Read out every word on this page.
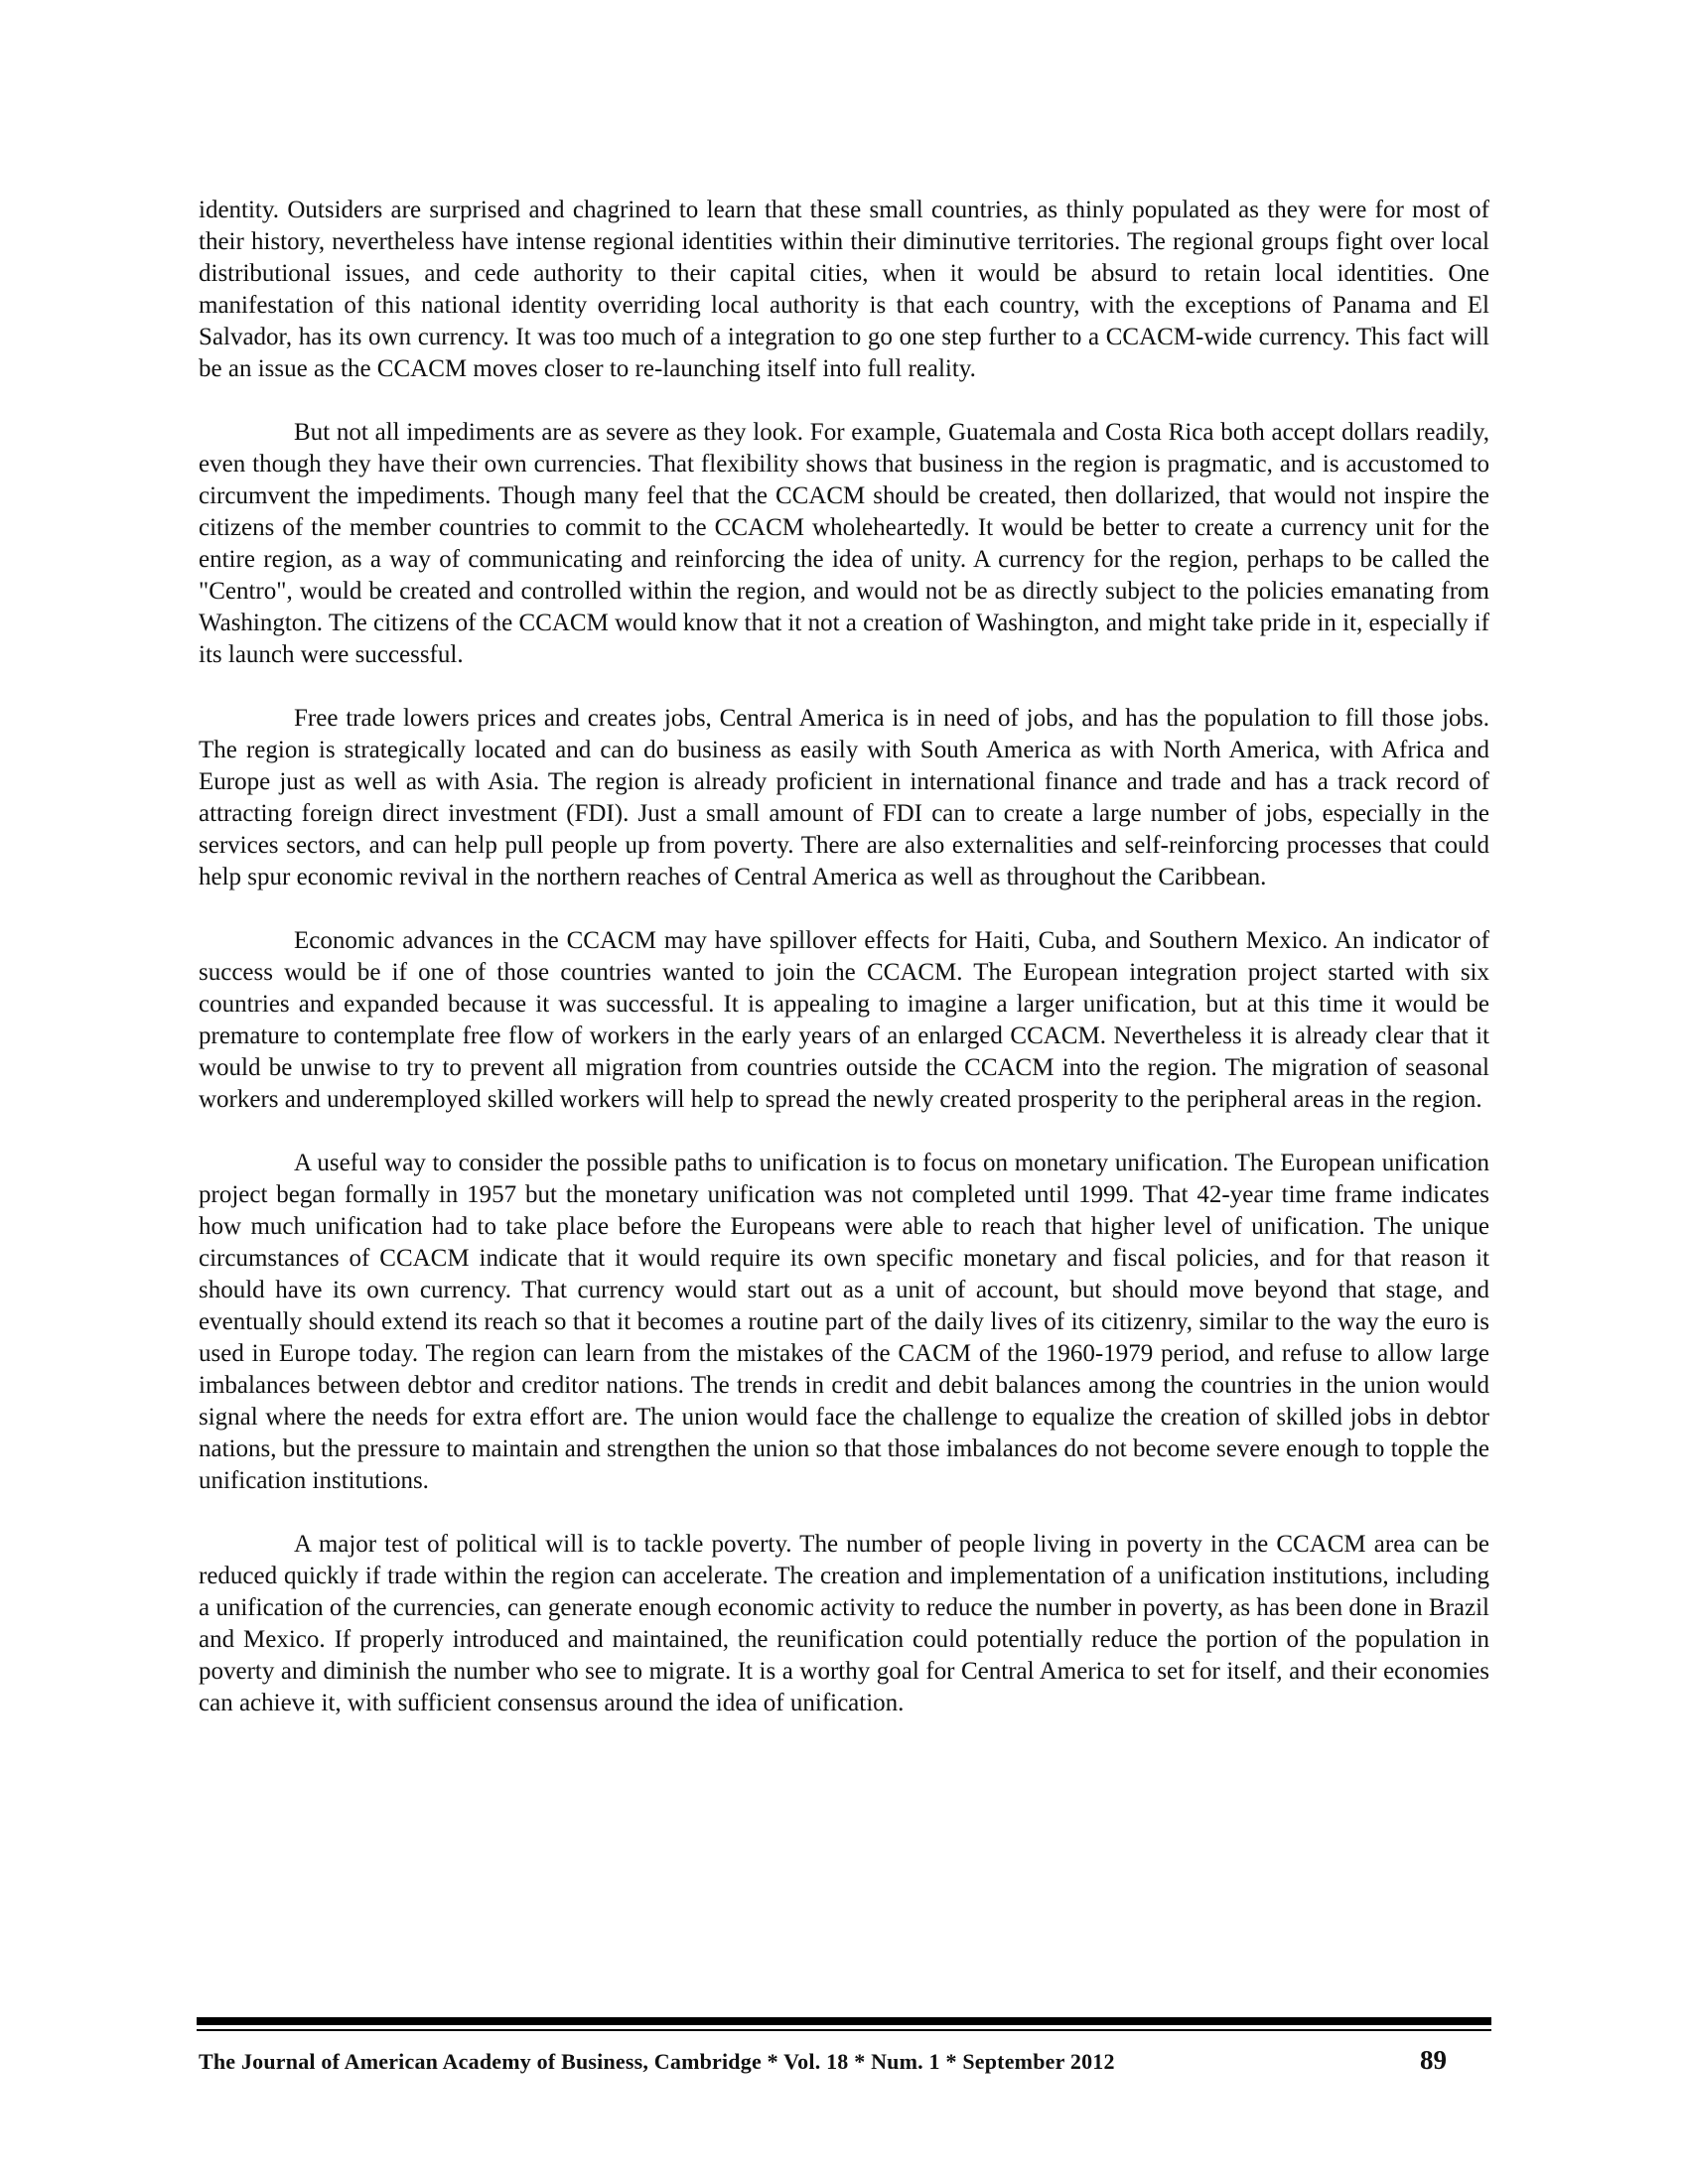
identity. Outsiders are surprised and chagrined to learn that these small countries, as thinly populated as they were for most of their history, nevertheless have intense regional identities within their diminutive territories. The regional groups fight over local distributional issues, and cede authority to their capital cities, when it would be absurd to retain local identities. One manifestation of this national identity overriding local authority is that each country, with the exceptions of Panama and El Salvador, has its own currency. It was too much of a integration to go one step further to a CCACM-wide currency. This fact will be an issue as the CCACM moves closer to re-launching itself into full reality.

But not all impediments are as severe as they look. For example, Guatemala and Costa Rica both accept dollars readily, even though they have their own currencies. That flexibility shows that business in the region is pragmatic, and is accustomed to circumvent the impediments. Though many feel that the CCACM should be created, then dollarized, that would not inspire the citizens of the member countries to commit to the CCACM wholeheartedly. It would be better to create a currency unit for the entire region, as a way of communicating and reinforcing the idea of unity. A currency for the region, perhaps to be called the "Centro", would be created and controlled within the region, and would not be as directly subject to the policies emanating from Washington. The citizens of the CCACM would know that it not a creation of Washington, and might take pride in it, especially if its launch were successful.

Free trade lowers prices and creates jobs, Central America is in need of jobs, and has the population to fill those jobs. The region is strategically located and can do business as easily with South America as with North America, with Africa and Europe just as well as with Asia. The region is already proficient in international finance and trade and has a track record of attracting foreign direct investment (FDI). Just a small amount of FDI can to create a large number of jobs, especially in the services sectors, and can help pull people up from poverty. There are also externalities and self-reinforcing processes that could help spur economic revival in the northern reaches of Central America as well as throughout the Caribbean.

Economic advances in the CCACM may have spillover effects for Haiti, Cuba, and Southern Mexico. An indicator of success would be if one of those countries wanted to join the CCACM. The European integration project started with six countries and expanded because it was successful. It is appealing to imagine a larger unification, but at this time it would be premature to contemplate free flow of workers in the early years of an enlarged CCACM. Nevertheless it is already clear that it would be unwise to try to prevent all migration from countries outside the CCACM into the region. The migration of seasonal workers and underemployed skilled workers will help to spread the newly created prosperity to the peripheral areas in the region.

A useful way to consider the possible paths to unification is to focus on monetary unification. The European unification project began formally in 1957 but the monetary unification was not completed until 1999. That 42-year time frame indicates how much unification had to take place before the Europeans were able to reach that higher level of unification. The unique circumstances of CCACM indicate that it would require its own specific monetary and fiscal policies, and for that reason it should have its own currency. That currency would start out as a unit of account, but should move beyond that stage, and eventually should extend its reach so that it becomes a routine part of the daily lives of its citizenry, similar to the way the euro is used in Europe today. The region can learn from the mistakes of the CACM of the 1960-1979 period, and refuse to allow large imbalances between debtor and creditor nations. The trends in credit and debit balances among the countries in the union would signal where the needs for extra effort are. The union would face the challenge to equalize the creation of skilled jobs in debtor nations, but the pressure to maintain and strengthen the union so that those imbalances do not become severe enough to topple the unification institutions.

A major test of political will is to tackle poverty. The number of people living in poverty in the CCACM area can be reduced quickly if trade within the region can accelerate. The creation and implementation of a unification institutions, including a unification of the currencies, can generate enough economic activity to reduce the number in poverty, as has been done in Brazil and Mexico. If properly introduced and maintained, the reunification could potentially reduce the portion of the population in poverty and diminish the number who see to migrate. It is a worthy goal for Central America to set for itself, and their economies can achieve it, with sufficient consensus around the idea of unification.

The Journal of American Academy of Business, Cambridge * Vol. 18 * Num. 1 * September 2012	89
